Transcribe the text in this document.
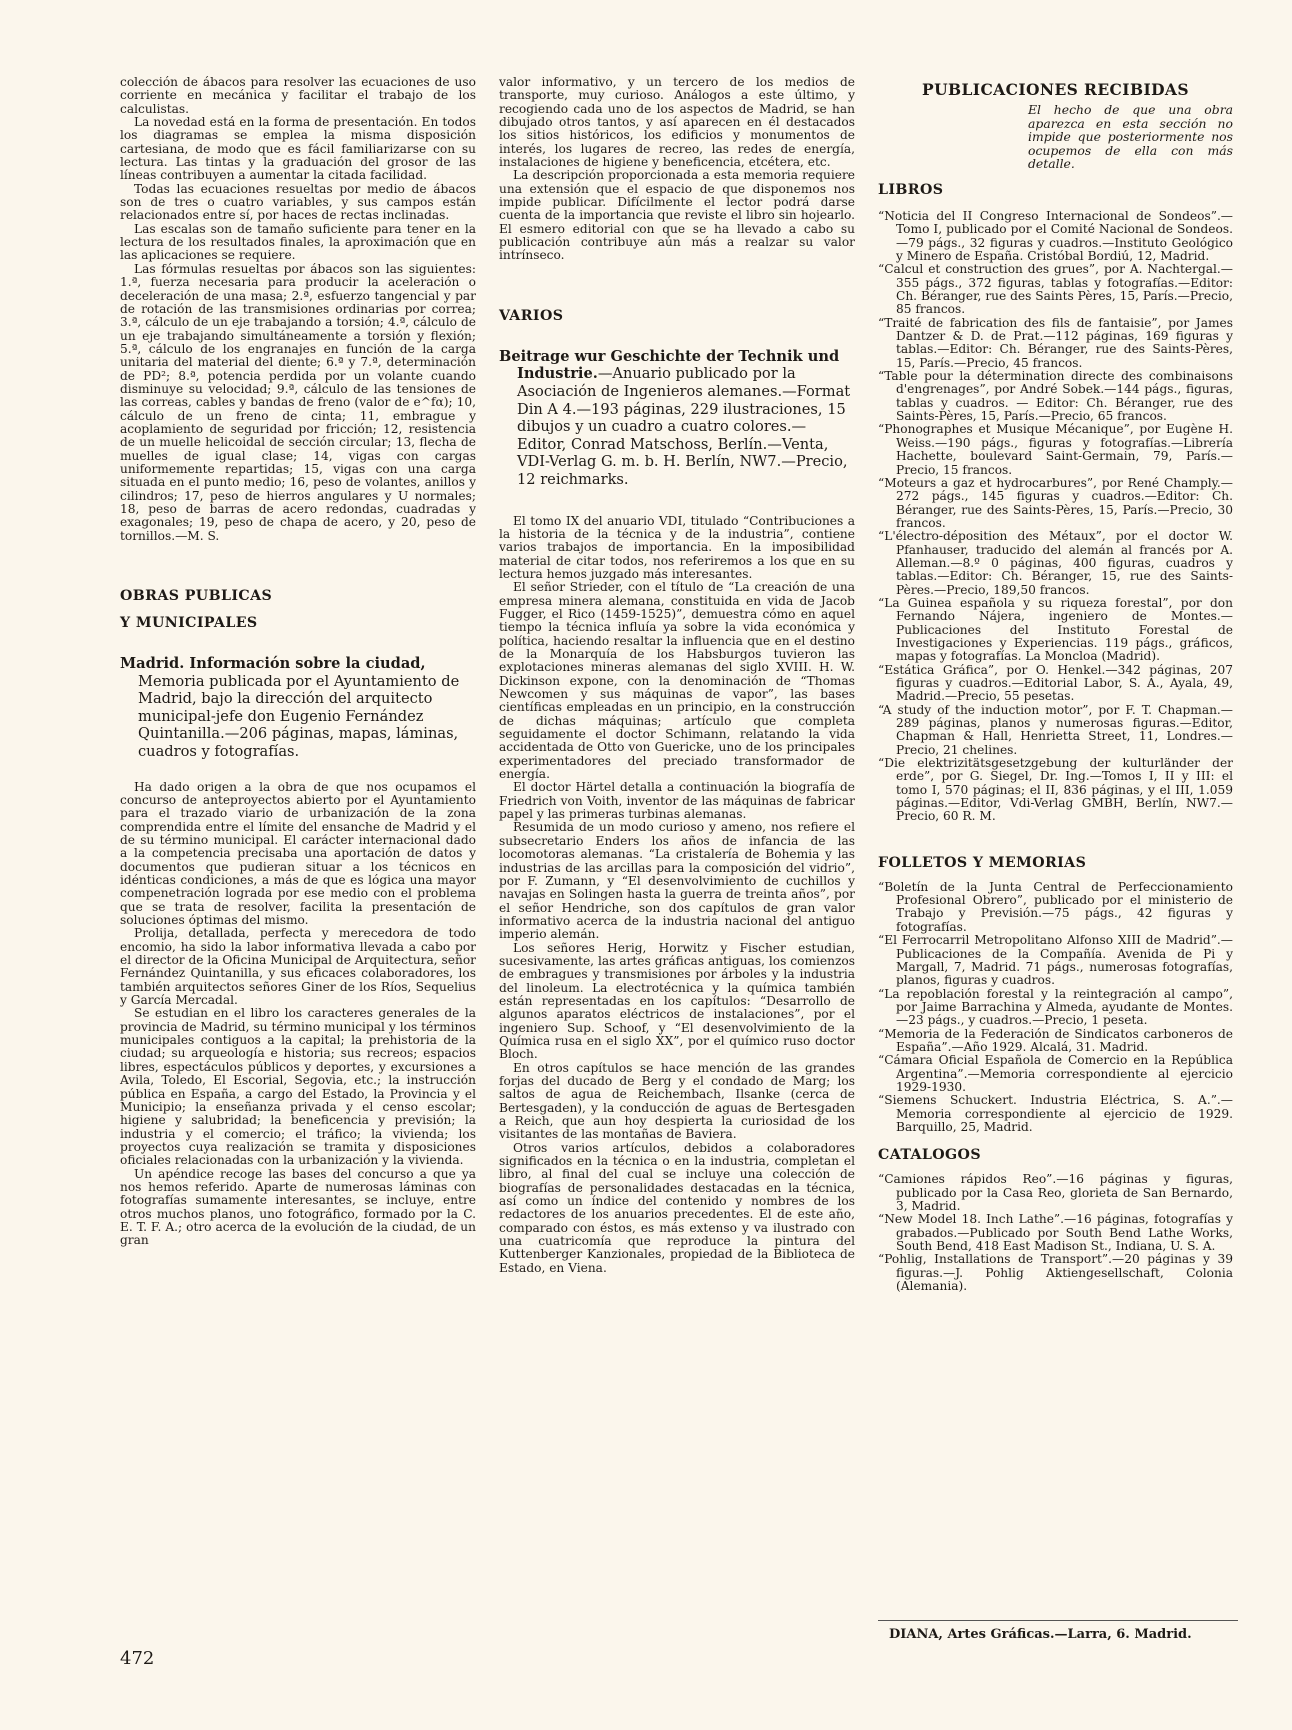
colección de ábacos para resolver las ecuaciones de uso corriente en mecánica y facilitar el trabajo de los calculistas.

La novedad está en la forma de presentación. En todos los diagramas se emplea la misma disposición cartesiana, de modo que es fácil familiarizarse con su lectura. Las tintas y la graduación del grosor de las líneas contribuyen a aumentar la citada facilidad.

Todas las ecuaciones resueltas por medio de ábacos son de tres o cuatro variables, y sus campos están relacionados entre sí, por haces de rectas inclinadas.

Las escalas son de tamaño suficiente para tener en la lectura de los resultados finales, la aproximación que en las aplicaciones se requiere.

Las fórmulas resueltas por ábacos son las siguientes: 1.ª, fuerza necesaria para producir la aceleración o deceleración de una masa; 2.ª, esfuerzo tangencial y par de rotación de las transmisiones ordinarias por correa; 3.ª, cálculo de un eje trabajando a torsión; 4.ª, cálculo de un eje trabajando simultáneamente a torsión y flexión; 5.ª, cálculo de los engranajes en función de la carga unitaria del material del diente; 6.ª y 7.ª, determinación de PD²; 8.ª, potencia perdida por un volante cuando disminuye su velocidad; 9.ª, cálculo de las tensiones de las correas, cables y bandas de freno (valor de e^fα); 10, cálculo de un freno de cinta; 11, embrague y acoplamiento de seguridad por fricción; 12, resistencia de un muelle helicoidal de sección circular; 13, flecha de muelles de igual clase; 14, vigas con cargas uniformemente repartidas; 15, vigas con una carga situada en el punto medio; 16, peso de volantes, anillos y cilindros; 17, peso de hierros angulares y U normales; 18, peso de barras de acero redondas, cuadradas y exagonales; 19, peso de chapa de acero, y 20, peso de tornillos.—M. S.

OBRAS PUBLICAS

Y MUNICIPALES

Madrid. Información sobre la ciudad, Memoria publicada por el Ayuntamiento de Madrid, bajo la dirección del arquitecto municipal-jefe don Eugenio Fernández Quintanilla.—206 páginas, mapas, láminas, cuadros y fotografías.

Ha dado origen a la obra de que nos ocupamos el concurso de anteproyectos abierto por el Ayuntamiento para el trazado viario de urbanización de la zona comprendida entre el límite del ensanche de Madrid y el de su término municipal. El carácter internacional dado a la competencia precisaba una aportación de datos y documentos que pudieran situar a los técnicos en idénticas condiciones, a más de que es lógica una mayor compenetración lograda por ese medio con el problema que se trata de resolver, facilita la presentación de soluciones óptimas del mismo.

Prolija, detallada, perfecta y merecedora de todo encomio, ha sido la labor informativa llevada a cabo por el director de la Oficina Municipal de Arquitectura, señor Fernández Quintanilla, y sus eficaces colaboradores, los también arquitectos señores Giner de los Ríos, Sequelius y García Mercadal.

Se estudian en el libro los caracteres generales de la provincia de Madrid, su término municipal y los términos municipales contiguos a la capital; la prehistoria de la ciudad; su arqueología e historia; sus recreos; espacios libres, espectáculos públicos y deportes, y excursiones a Avila, Toledo, El Escorial, Segovia, etc.; la instrucción pública en España, a cargo del Estado, la Provincia y el Municipio; la enseñanza privada y el censo escolar; higiene y salubridad; la beneficencia y previsión; la industria y el comercio; el tráfico; la vivienda; los proyectos cuya realización se tramita y disposiciones oficiales relacionadas con la urbanización y la vivienda.

Un apéndice recoge las bases del concurso a que ya nos hemos referido. Aparte de numerosas láminas con fotografías sumamente interesantes, se incluye, entre otros muchos planos, uno fotográfico, formado por la C. E. T. F. A.; otro acerca de la evolución de la ciudad, de un gran

valor informativo, y un tercero de los medios de transporte, muy curioso. Análogos a este último, y recogiendo cada uno de los aspectos de Madrid, se han dibujado otros tantos, y así aparecen en él destacados los sitios históricos, los edificios y monumentos de interés, los lugares de recreo, las redes de energía, instalaciones de higiene y beneficencia, etcétera, etc.

La descripción proporcionada a esta memoria requiere una extensión que el espacio de que disponemos nos impide publicar. Difícilmente el lector podrá darse cuenta de la importancia que reviste el libro sin hojearlo. El esmero editorial con que se ha llevado a cabo su publicación contribuye aún más a realzar su valor intrínseco.

VARIOS

Beitrage wur Geschichte der Technik und Industrie.—Anuario publicado por la Asociación de Ingenieros alemanes.—Format Din A 4.—193 páginas, 229 ilustraciones, 15 dibujos y un cuadro a cuatro colores.—Editor, Conrad Matschoss, Berlín.—Venta, VDI-Verlag G. m. b. H. Berlín, NW7.—Precio, 12 reichmarks.

El tomo IX del anuario VDI, titulado “Contribuciones a la historia de la técnica y de la industria”, contiene varios trabajos de importancia. En la imposibilidad material de citar todos, nos referiremos a los que en su lectura hemos juzgado más interesantes.

El señor Strieder, con el título de “La creación de una empresa minera alemana, constituida en vida de Jacob Fugger, el Rico (1459-1525)”, demuestra cómo en aquel tiempo la técnica influía ya sobre la vida económica y política, haciendo resaltar la influencia que en el destino de la Monarquía de los Habsburgos tuvieron las explotaciones mineras alemanas del siglo XVIII. H. W. Dickinson expone, con la denominación de “Thomas Newcomen y sus máquinas de vapor”, las bases científicas empleadas en un principio, en la construcción de dichas máquinas; artículo que completa seguidamente el doctor Schimann, relatando la vida accidentada de Otto von Guericke, uno de los principales experimentadores del preciado transformador de energía.

El doctor Härtel detalla a continuación la biografía de Friedrich von Voith, inventor de las máquinas de fabricar papel y las primeras turbinas alemanas.

Resumida de un modo curioso y ameno, nos refiere el subsecretario Enders los años de infancia de las locomotoras alemanas. “La cristalería de Bohemia y las industrias de las arcillas para la composición del vidrio”, por F. Zumann, y “El desenvolvimiento de cuchillos y navajas en Solingen hasta la guerra de treinta años”, por el señor Hendriche, son dos capítulos de gran valor informativo acerca de la industria nacional del antiguo imperio alemán.

Los señores Herig, Horwitz y Fischer estudian, sucesivamente, las artes gráficas antiguas, los comienzos de embragues y transmisiones por árboles y la industria del linoleum. La electrotécnica y la química también están representadas en los capítulos: “Desarrollo de algunos aparatos eléctricos de instalaciones”, por el ingeniero Sup. Schoof, y “El desenvolvimiento de la Química rusa en el siglo XX”, por el químico ruso doctor Bloch.

En otros capítulos se hace mención de las grandes forjas del ducado de Berg y el condado de Marg; los saltos de agua de Reichembach, Ilsanke (cerca de Bertesgaden), y la conducción de aguas de Bertesgaden a Reich, que aun hoy despierta la curiosidad de los visitantes de las montañas de Baviera.

Otros varios artículos, debidos a colaboradores significados en la técnica o en la industria, completan el libro, al final del cual se incluye una colección de biografías de personalidades destacadas en la técnica, así como un índice del contenido y nombres de los redactores de los anuarios precedentes. El de este año, comparado con éstos, es más extenso y va ilustrado con una cuatricomía que reproduce la pintura del Kuttenberger Kanzionales, propiedad de la Biblioteca de Estado, en Viena.

PUBLICACIONES RECIBIDAS

El hecho de que una obra aparezca en esta sección no impide que posteriormente nos ocupemos de ella con más detalle.

LIBROS

“Noticia del II Congreso Internacional de Sondeos”.—Tomo I, publicado por el Comité Nacional de Sondeos.—79 págs., 32 figuras y cuadros.—Instituto Geológico y Minero de España. Cristóbal Bordiú, 12, Madrid.

“Calcul et construction des grues”, por A. Nachtergal.—355 págs., 372 figuras, tablas y fotografías.—Editor: Ch. Béranger, rue des Saints Pères, 15, París.—Precio, 85 francos.

“Traité de fabrication des fils de fantaisie”, por James Dantzer & D. de Prat.—112 páginas, 169 figuras y tablas.—Editor: Ch. Béranger, rue des Saints-Pères, 15, París.—Precio, 45 francos.

“Table pour la détermination directe des combinaisons d'engrenages”, por André Sobek.—144 págs., figuras, tablas y cuadros. — Editor: Ch. Béranger, rue des Saints-Pères, 15, París.—Precio, 65 francos.

“Phonographes et Musique Mécanique”, por Eugène H. Weiss.—190 págs., figuras y fotografías.—Librería Hachette, boulevard Saint-Germain, 79, París.—Precio, 15 francos.

“Moteurs a gaz et hydrocarbures”, por René Champly.—272 págs., 145 figuras y cuadros.—Editor: Ch. Béranger, rue des Saints-Pères, 15, París.—Precio, 30 francos.

“L'électro-déposition des Métaux”, por el doctor W. Pfanhauser, traducido del alemán al francés por A. Alleman.—8.º 0 páginas, 400 figuras, cuadros y tablas.—Editor: Ch. Béranger, 15, rue des Saints-Pères.—Precio, 189,50 francos.

“La Guinea española y su riqueza forestal”, por don Fernando Nájera, ingeniero de Montes.—Publicaciones del Instituto Forestal de Investigaciones y Experiencias. 119 págs., gráficos, mapas y fotografías. La Moncloa (Madrid).

“Estática Gráfica”, por O. Henkel.—342 páginas, 207 figuras y cuadros.—Editorial Labor, S. A., Ayala, 49, Madrid.—Precio, 55 pesetas.

“A study of the induction motor”, por F. T. Chapman.—289 páginas, planos y numerosas figuras.—Editor, Chapman & Hall, Henrietta Street, 11, Londres.—Precio, 21 chelines.

“Die elektrizitätsgesetzgebung der kulturländer der erde”, por G. Siegel, Dr. Ing.—Tomos I, II y III: el tomo I, 570 páginas; el II, 836 páginas, y el III, 1.059 páginas.—Editor, Vdi-Verlag GMBH, Berlín, NW7.—Precio, 60 R. M.

FOLLETOS Y MEMORIAS

“Boletín de la Junta Central de Perfeccionamiento Profesional Obrero”, publicado por el ministerio de Trabajo y Previsión.—75 págs., 42 figuras y fotografías.

“El Ferrocarril Metropolitano Alfonso XIII de Madrid”.—Publicaciones de la Compañía. Avenida de Pi y Margall, 7, Madrid. 71 págs., numerosas fotografías, planos, figuras y cuadros.

“La repoblación forestal y la reintegración al campo”, por Jaime Barrachina y Almeda, ayudante de Montes.—23 págs., y cuadros.—Precio, 1 peseta.

“Memoria de la Federación de Sindicatos carboneros de España”.—Año 1929. Alcalá, 31. Madrid.

“Cámara Oficial Española de Comercio en la República Argentina”.—Memoria correspondiente al ejercicio 1929-1930.

“Siemens Schuckert. Industria Eléctrica, S. A.”.—Memoria correspondiente al ejercicio de 1929. Barquillo, 25, Madrid.

CATALOGOS

“Camiones rápidos Reo”.—16 páginas y figuras, publicado por la Casa Reo, glorieta de San Bernardo, 3, Madrid.

“New Model 18. Inch Lathe”.—16 páginas, fotografías y grabados.—Publicado por South Bend Lathe Works, South Bend, 418 East Madison St., Indiana, U. S. A.

“Pohlig, Installations de Transport”.—20 páginas y 39 figuras.—J. Pohlig Aktiengesellschaft, Colonia (Alemania).

DIANA, Artes Gráficas.—Larra, 6. Madrid.

472
